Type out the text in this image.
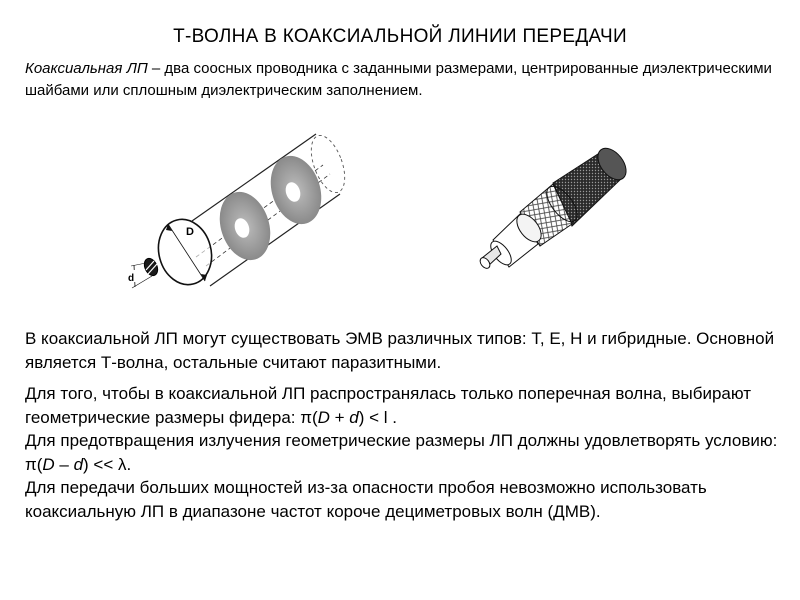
Т-ВОЛНА В КОАКСИАЛЬНОЙ ЛИНИИ ПЕРЕДАЧИ
Коаксиальная ЛП – два соосных проводника с заданными размерами, центрированные диэлектрическими шайбами или сплошным диэлектрическим заполнением.
D
d

В коаксиальной ЛП могут существовать ЭМВ различных типов: Т, Е, Н и гибридные. Основной является Т-волна, остальные считают паразитными.

Для того, чтобы в коаксиальной ЛП распространялась только поперечная волна, выбирают геометрические размеры фидера: π(D + d) < l .
Для предотвращения излучения геометрические размеры ЛП должны удовлетворять условию: π(D – d) << λ.
Для передачи больших мощностей из-за опасности пробоя невозможно использовать коаксиальную ЛП в диапазоне частот короче дециметровых волн (ДМВ).
